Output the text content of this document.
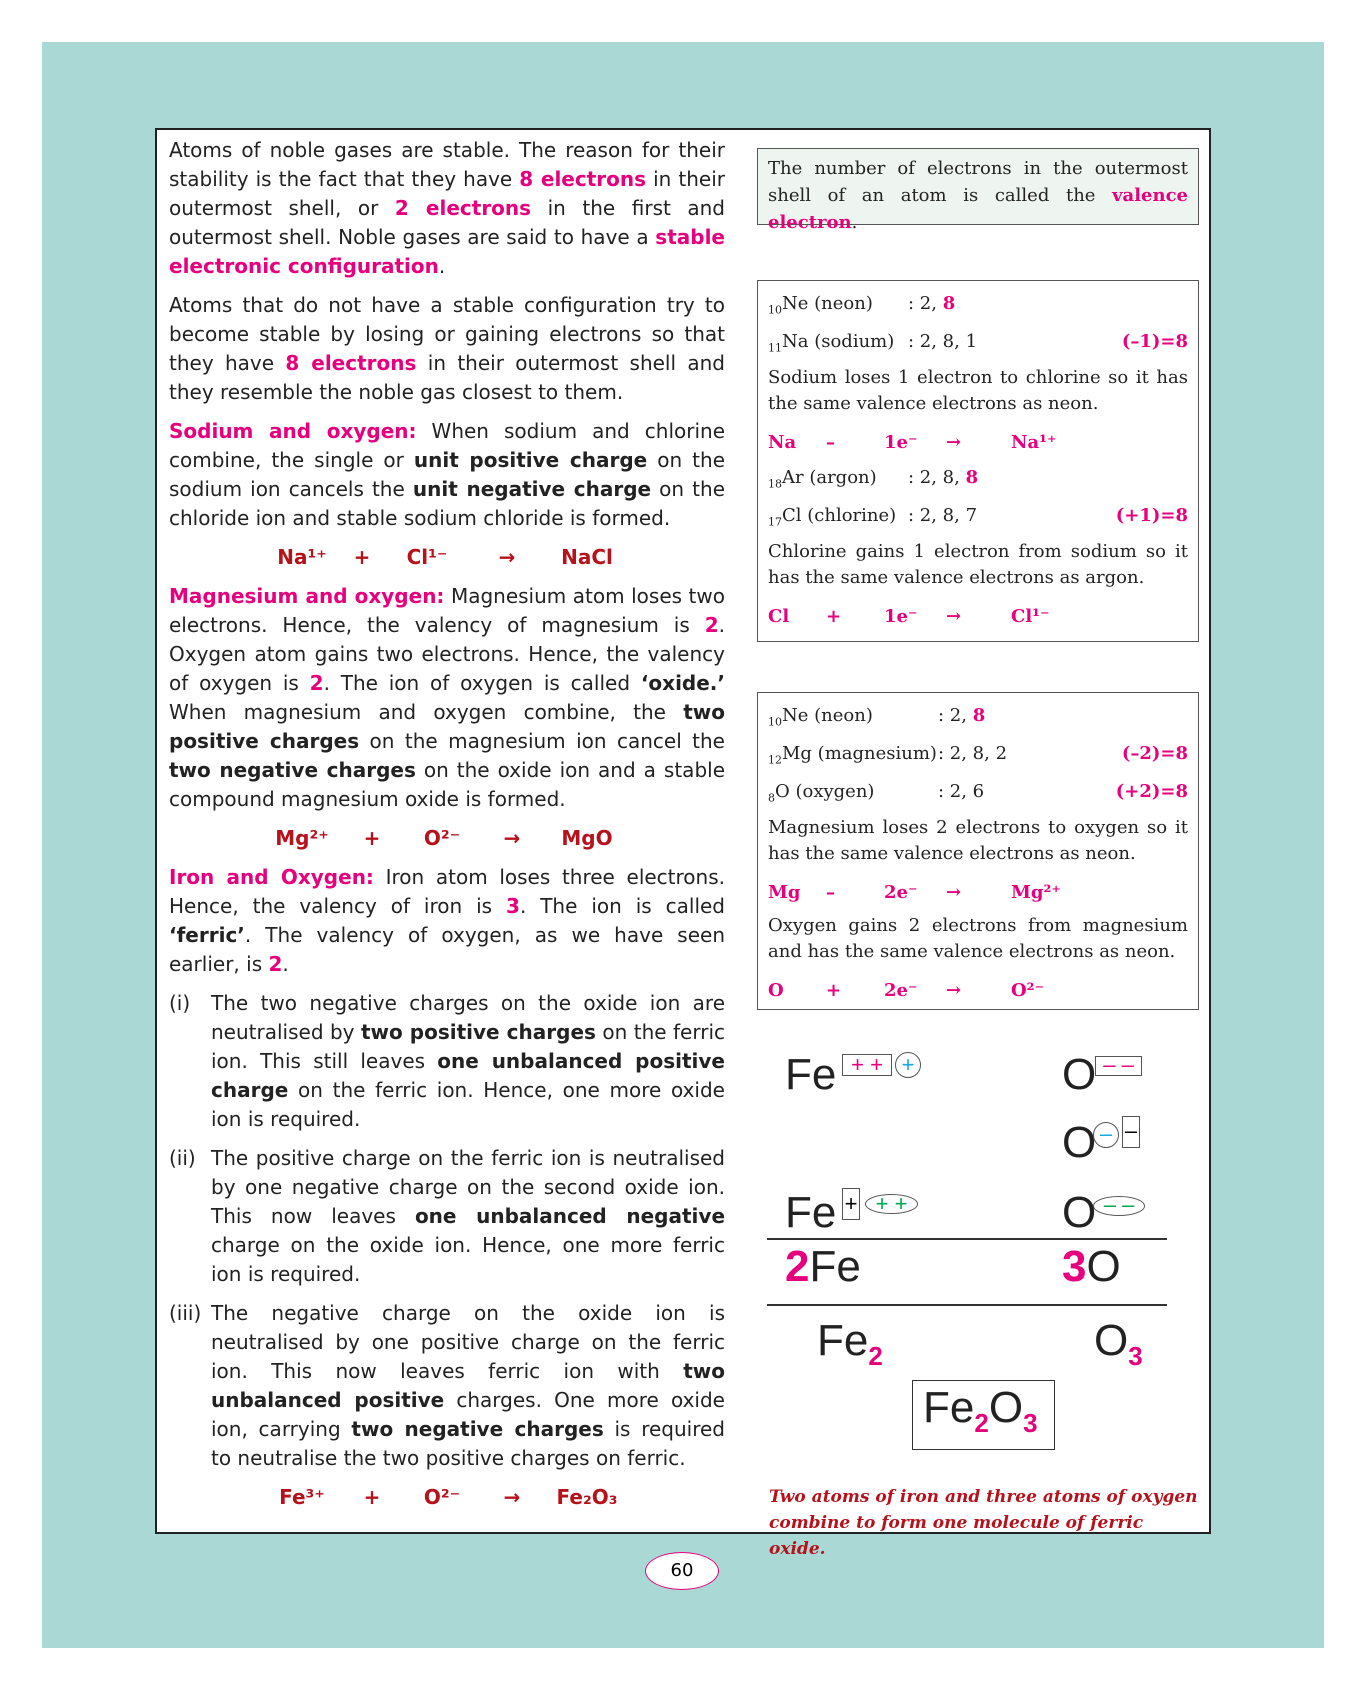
Atoms of noble gases are stable. The reason for their stability is the fact that they have 8 electrons in their outermost shell, or 2 electrons in the first and outermost shell. Noble gases are said to have a stable electronic configuration.

Atoms that do not have a stable configuration try to become stable by losing or gaining electrons so that they have 8 electrons in their outermost shell and they resemble the noble gas closest to them.

Sodium and oxygen: When sodium and chlorine combine, the single or unit positive charge on the sodium ion cancels the unit negative charge on the chloride ion and stable sodium chloride is formed.

Na¹⁺	+	Cl¹⁻	→	NaCl

Magnesium and oxygen: Magnesium atom loses two electrons. Hence, the valency of magnesium is 2. Oxygen atom gains two electrons. Hence, the valency of oxygen is 2. The ion of oxygen is called ‘oxide.’ When magnesium and oxygen combine, the two positive charges on the magnesium ion cancel the two negative charges on the oxide ion and a stable compound magnesium oxide is formed.

Mg²⁺	+	O²⁻	→	MgO

Iron and Oxygen: Iron atom loses three electrons. Hence, the valency of iron is 3. The ion is called ‘ferric’. The valency of oxygen, as we have seen earlier, is 2.

(i)	The two negative charges on the oxide ion are neutralised by two positive charges on the ferric ion. This still leaves one unbalanced positive charge on the ferric ion. Hence, one more oxide ion is required.
(ii) The positive charge on the ferric ion is neutralised by one negative charge on the second oxide ion. This now leaves one unbalanced negative charge on the oxide ion. Hence, one more ferric ion is required.
(iii) The negative charge on the oxide ion is neutralised by one positive charge on the ferric ion. This now leaves ferric ion with two unbalanced positive charges. One more oxide ion, carrying two negative charges is required to neutralise the two positive charges on ferric.
Fe³⁺	+	O²⁻	→	Fe₂O₃
The number of electrons in the outermost shell of an atom is called the valence electron.
$_{10}$Ne (neon)	: 2, 8
$_{11}$Na (sodium) : 2, 8, 1	(–1)=8
Sodium loses 1 electron to chlorine so it has the same valence electrons as neon.
Na	–	1e⁻	→	Na¹⁺
$_{18}$Ar (argon)	: 2, 8, 8
$_{17}$Cl (chlorine) : 2, 8, 7	(+1)=8
Chlorine gains 1 electron from sodium so it has the same valence electrons as argon.
Cl	+	1e⁻	→	Cl¹⁻
$_{10}$Ne (neon)	: 2, 8
$_{12}$Mg (magnesium) : 2, 8, 2	(–2)=8
$_8$O (oxygen)	: 2, 6	(+2)=8
Magnesium loses 2 electrons to oxygen so it has the same valence electrons as neon.
Mg	–	2e⁻	→	Mg²⁺
Oxygen gains 2 electrons from magnesium and has the same valence electrons as neon.
O	+	2e⁻	→	O²⁻
Fe + + +	O – –
O – –
Fe + + +	O – –
2Fe	3O
$Fe_2$	$O_3$
$Fe_2O_3$
Two atoms of iron and three atoms of oxygen combine to form one molecule of ferric oxide.
60
